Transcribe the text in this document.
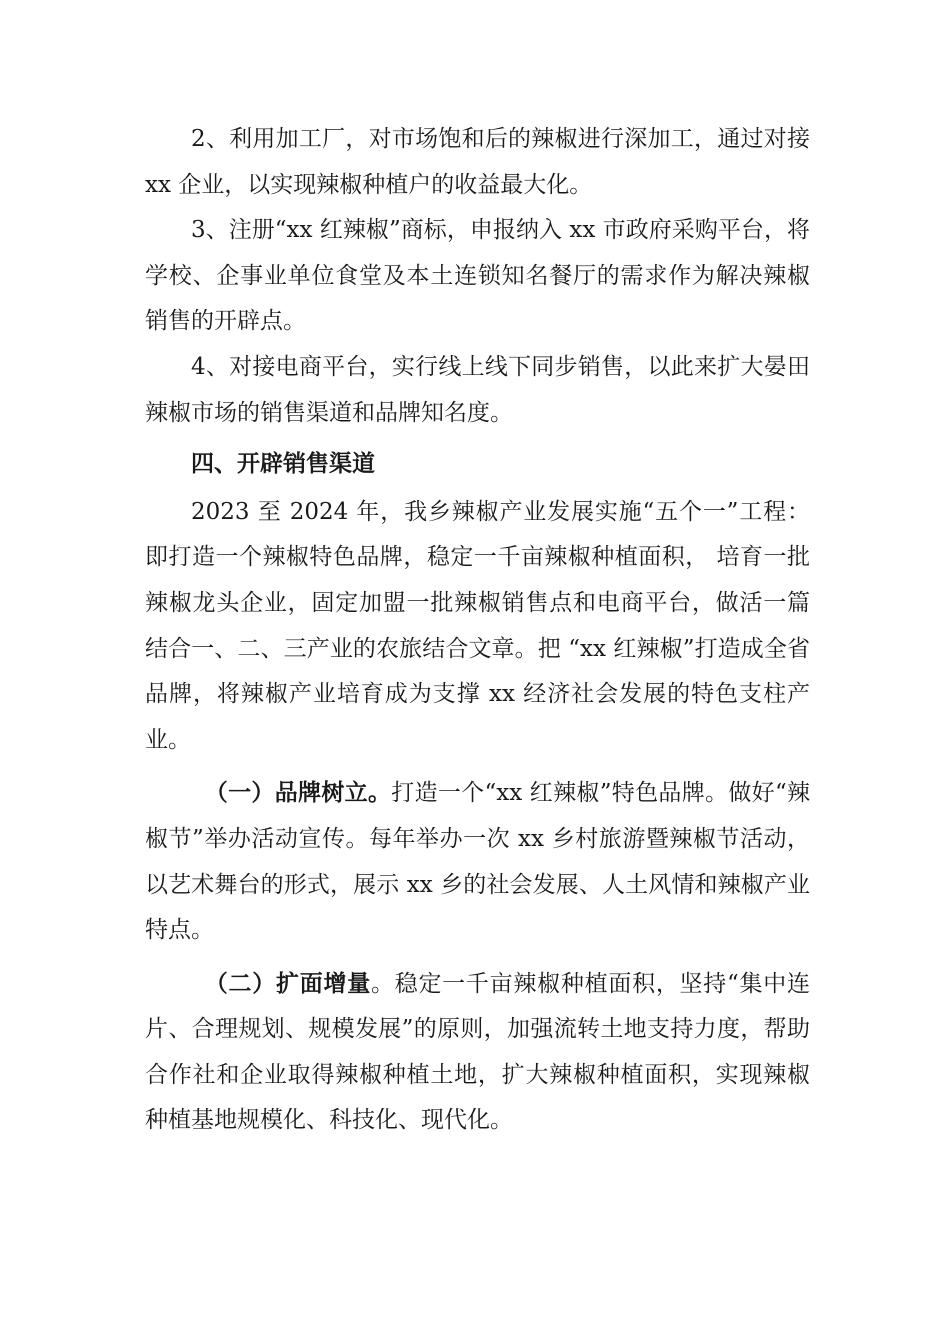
2、利用加工厂，对市场饱和后的辣椒进行深加工，通过对接 xx 企业，以实现辣椒种植户的收益最大化。

3、注册“xx 红辣椒”商标，申报纳入 xx 市政府采购平台，将学校、企事业单位食堂及本土连锁知名餐厅的需求作为解决辣椒销售的开辟点。

4、对接电商平台，实行线上线下同步销售，以此来扩大晏田辣椒市场的销售渠道和品牌知名度。

四、开辟销售渠道

2023 至 2024 年，我乡辣椒产业发展实施“五个一”工程：即打造一个辣椒特色品牌，稳定一千亩辣椒种植面积， 培育一批辣椒龙头企业，固定加盟一批辣椒销售点和电商平台，做活一篇结合一、二、三产业的农旅结合文章。把 “xx 红辣椒”打造成全省品牌，将辣椒产业培育成为支撑 xx 经济社会发展的特色支柱产业。

（一）品牌树立。打造一个“xx 红辣椒”特色品牌。做好“辣椒节”举办活动宣传。每年举办一次 xx 乡村旅游暨辣椒节活动，以艺术舞台的形式，展示 xx 乡的社会发展、人土风情和辣椒产业特点。

（二）扩面增量。稳定一千亩辣椒种植面积，坚持“集中连片、合理规划、规模发展”的原则，加强流转土地支持力度，帮助合作社和企业取得辣椒种植土地，扩大辣椒种植面积，实现辣椒种植基地规模化、科技化、现代化。
